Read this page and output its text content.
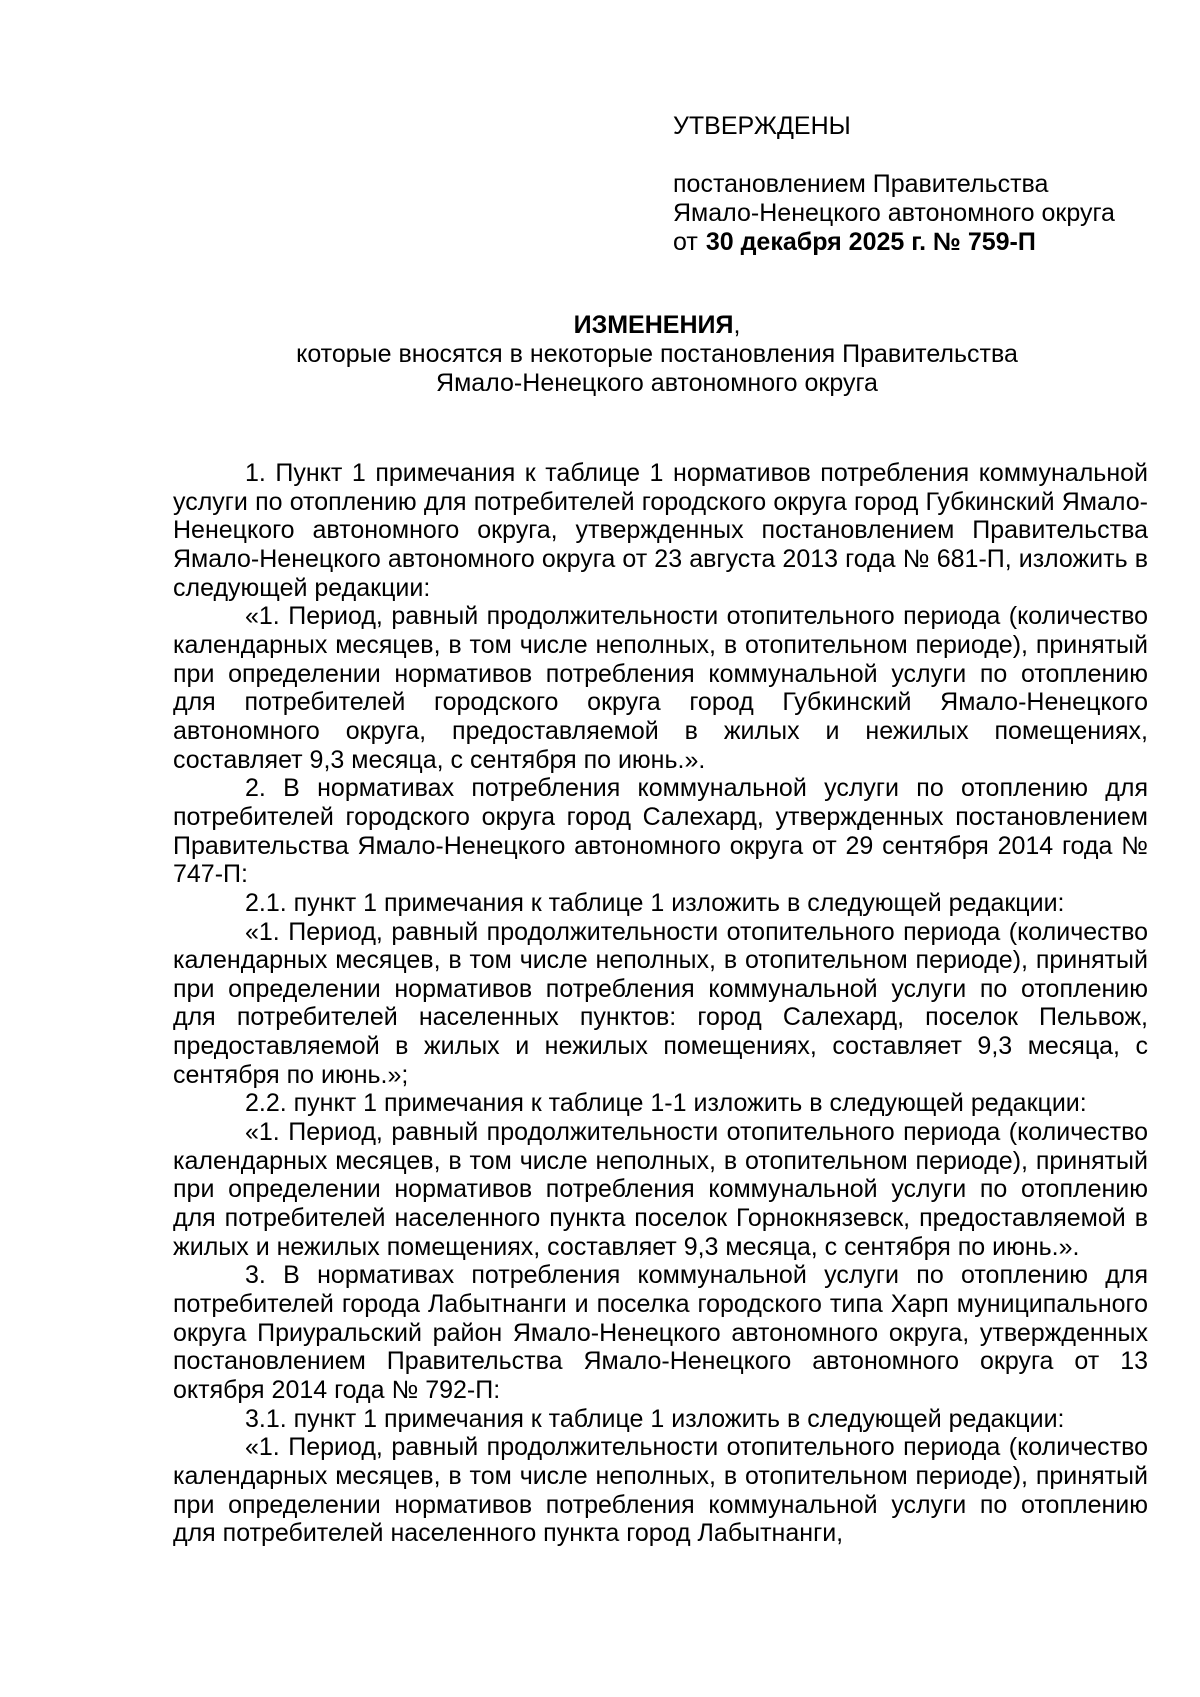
УТВЕРЖДЕНЫ
постановлением Правительства
Ямало-Ненецкого автономного округа
от 30 декабря 2025 г. № 759-П
ИЗМЕНЕНИЯ,
которые вносятся в некоторые постановления Правительства
Ямало-Ненецкого автономного округа

1. Пункт 1 примечания к таблице 1 нормативов потребления коммунальной услуги по отоплению для потребителей городского округа город Губкинский Ямало-Ненецкого автономного округа, утвержденных постановлением Правительства Ямало-Ненецкого автономного округа от 23 августа 2013 года № 681-П, изложить в следующей редакции:

«1. Период, равный продолжительности отопительного периода (количество календарных месяцев, в том числе неполных, в отопительном периоде), принятый при определении нормативов потребления коммунальной услуги по отоплению для потребителей городского округа город Губкинский Ямало-Ненецкого автономного округа, предоставляемой в жилых и нежилых помещениях, составляет 9,3 месяца, с сентября по июнь.».

2. В нормативах потребления коммунальной услуги по отоплению для потребителей городского округа город Салехард, утвержденных постановлением Правительства Ямало-Ненецкого автономного округа от 29 сентября 2014 года № 747-П:

2.1. пункт 1 примечания к таблице 1 изложить в следующей редакции:

«1. Период, равный продолжительности отопительного периода (количество календарных месяцев, в том числе неполных, в отопительном периоде), принятый при определении нормативов потребления коммунальной услуги по отоплению для потребителей населенных пунктов: город Салехард, поселок Пельвож, предоставляемой в жилых и нежилых помещениях, составляет 9,3 месяца, с сентября по июнь.»;

2.2. пункт 1 примечания к таблице 1-1 изложить в следующей редакции:

«1. Период, равный продолжительности отопительного периода (количество календарных месяцев, в том числе неполных, в отопительном периоде), принятый при определении нормативов потребления коммунальной услуги по отоплению для потребителей населенного пункта поселок Горнокнязевск, предоставляемой в жилых и нежилых помещениях, составляет 9,3 месяца, с сентября по июнь.».

3. В нормативах потребления коммунальной услуги по отоплению для потребителей города Лабытнанги и поселка городского типа Харп муниципального округа Приуральский район Ямало-Ненецкого автономного округа, утвержденных постановлением Правительства Ямало-Ненецкого автономного округа от 13 октября 2014 года № 792-П:

3.1. пункт 1 примечания к таблице 1 изложить в следующей редакции:

«1. Период, равный продолжительности отопительного периода (количество календарных месяцев, в том числе неполных, в отопительном периоде), принятый при определении нормативов потребления коммунальной услуги по отоплению для потребителей населенного пункта город Лабытнанги,
